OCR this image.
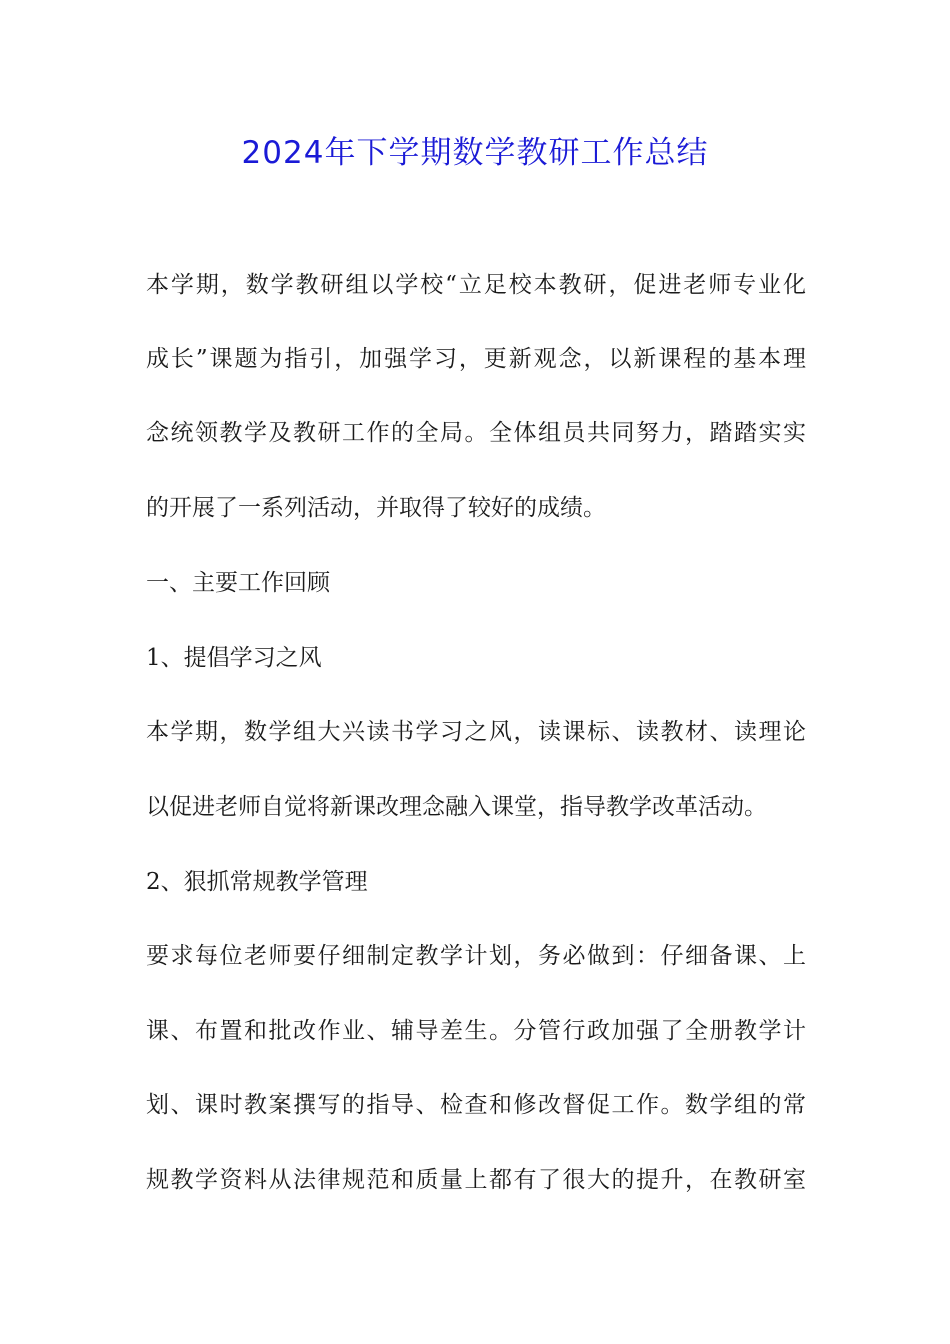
2024年下学期数学教研工作总结

本学期，数学教研组以学校“立足校本教研，促进老师专业化

成长”课题为指引，加强学习，更新观念，以新课程的基本理

念统领教学及教研工作的全局。全体组员共同努力，踏踏实实

的开展了一系列活动，并取得了较好的成绩。

一、主要工作回顾

1、提倡学习之风

本学期，数学组大兴读书学习之风，读课标、读教材、读理论

以促进老师自觉将新课改理念融入课堂，指导教学改革活动。

2、狠抓常规教学管理

要求每位老师要仔细制定教学计划，务必做到：仔细备课、上

课、布置和批改作业、辅导差生。分管行政加强了全册教学计

划、课时教案撰写的指导、检查和修改督促工作。数学组的常

规教学资料从法律规范和质量上都有了很大的提升，在教研室
